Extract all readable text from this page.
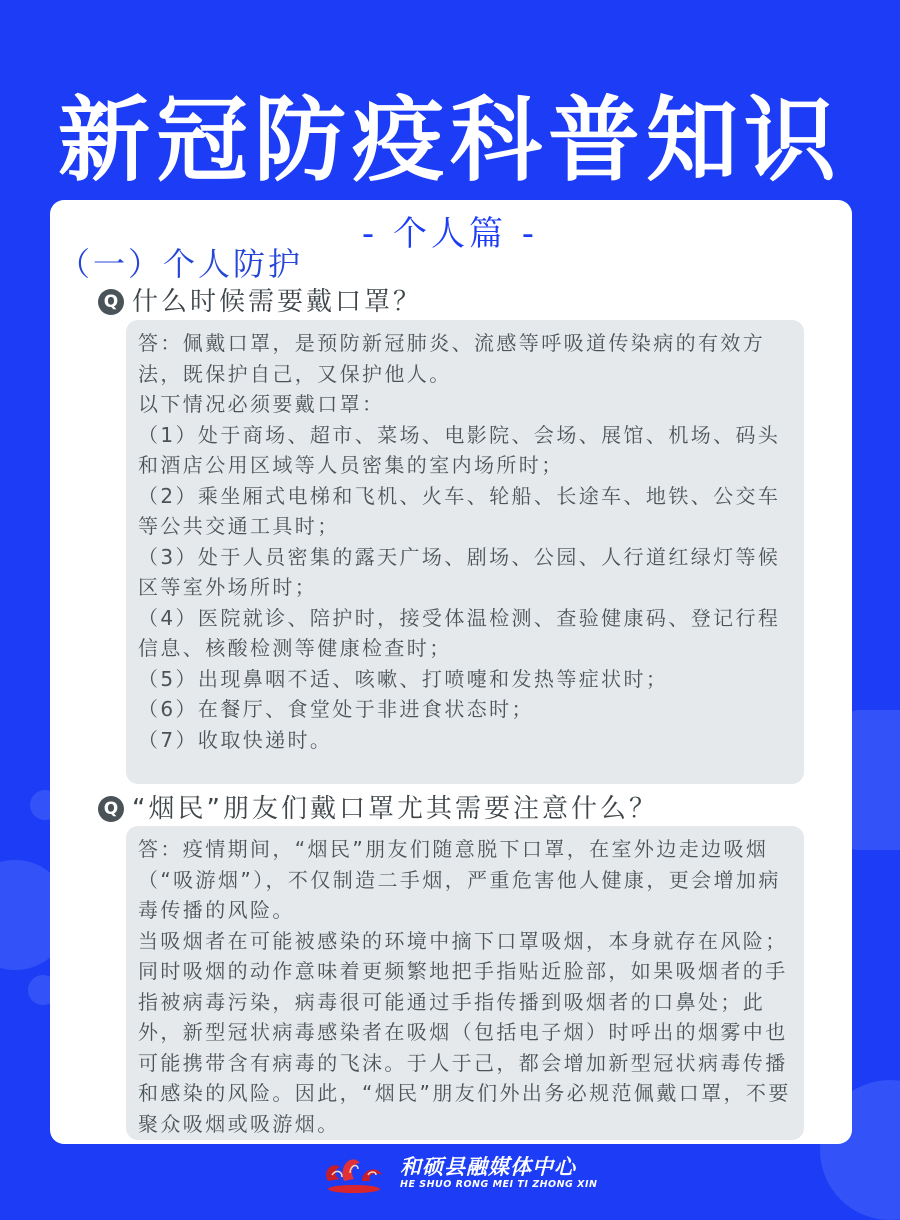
新冠防疫科普知识
- 个人篇 -
（一）个人防护
Q 什么时候需要戴口罩？

答：佩戴口罩，是预防新冠肺炎、流感等呼吸道传染病的有效方法，既保护自己，又保护他人。

以下情况必须要戴口罩：

（1）处于商场、超市、菜场、电影院、会场、展馆、机场、码头和酒店公用区域等人员密集的室内场所时；

（2）乘坐厢式电梯和飞机、火车、轮船、长途车、地铁、公交车等公共交通工具时；

（3）处于人员密集的露天广场、剧场、公园、人行道红绿灯等候区等室外场所时；

（4）医院就诊、陪护时，接受体温检测、查验健康码、登记行程信息、核酸检测等健康检查时；

（5）出现鼻咽不适、咳嗽、打喷嚏和发热等症状时；

（6）在餐厅、食堂处于非进食状态时；

（7）收取快递时。

Q “烟民”朋友们戴口罩尤其需要注意什么？

答：疫情期间，“烟民”朋友们随意脱下口罩，在室外边走边吸烟（“吸游烟”），不仅制造二手烟，严重危害他人健康，更会增加病毒传播的风险。

当吸烟者在可能被感染的环境中摘下口罩吸烟，本身就存在风险；同时吸烟的动作意味着更频繁地把手指贴近脸部，如果吸烟者的手指被病毒污染，病毒很可能通过手指传播到吸烟者的口鼻处；此外，新型冠状病毒感染者在吸烟（包括电子烟）时呼出的烟雾中也可能携带含有病毒的飞沫。于人于己，都会增加新型冠状病毒传播和感染的风险。因此，“烟民”朋友们外出务必规范佩戴口罩，不要聚众吸烟或吸游烟。

和硕县融媒体中心
HE SHUO RONG MEI TI ZHONG XIN
